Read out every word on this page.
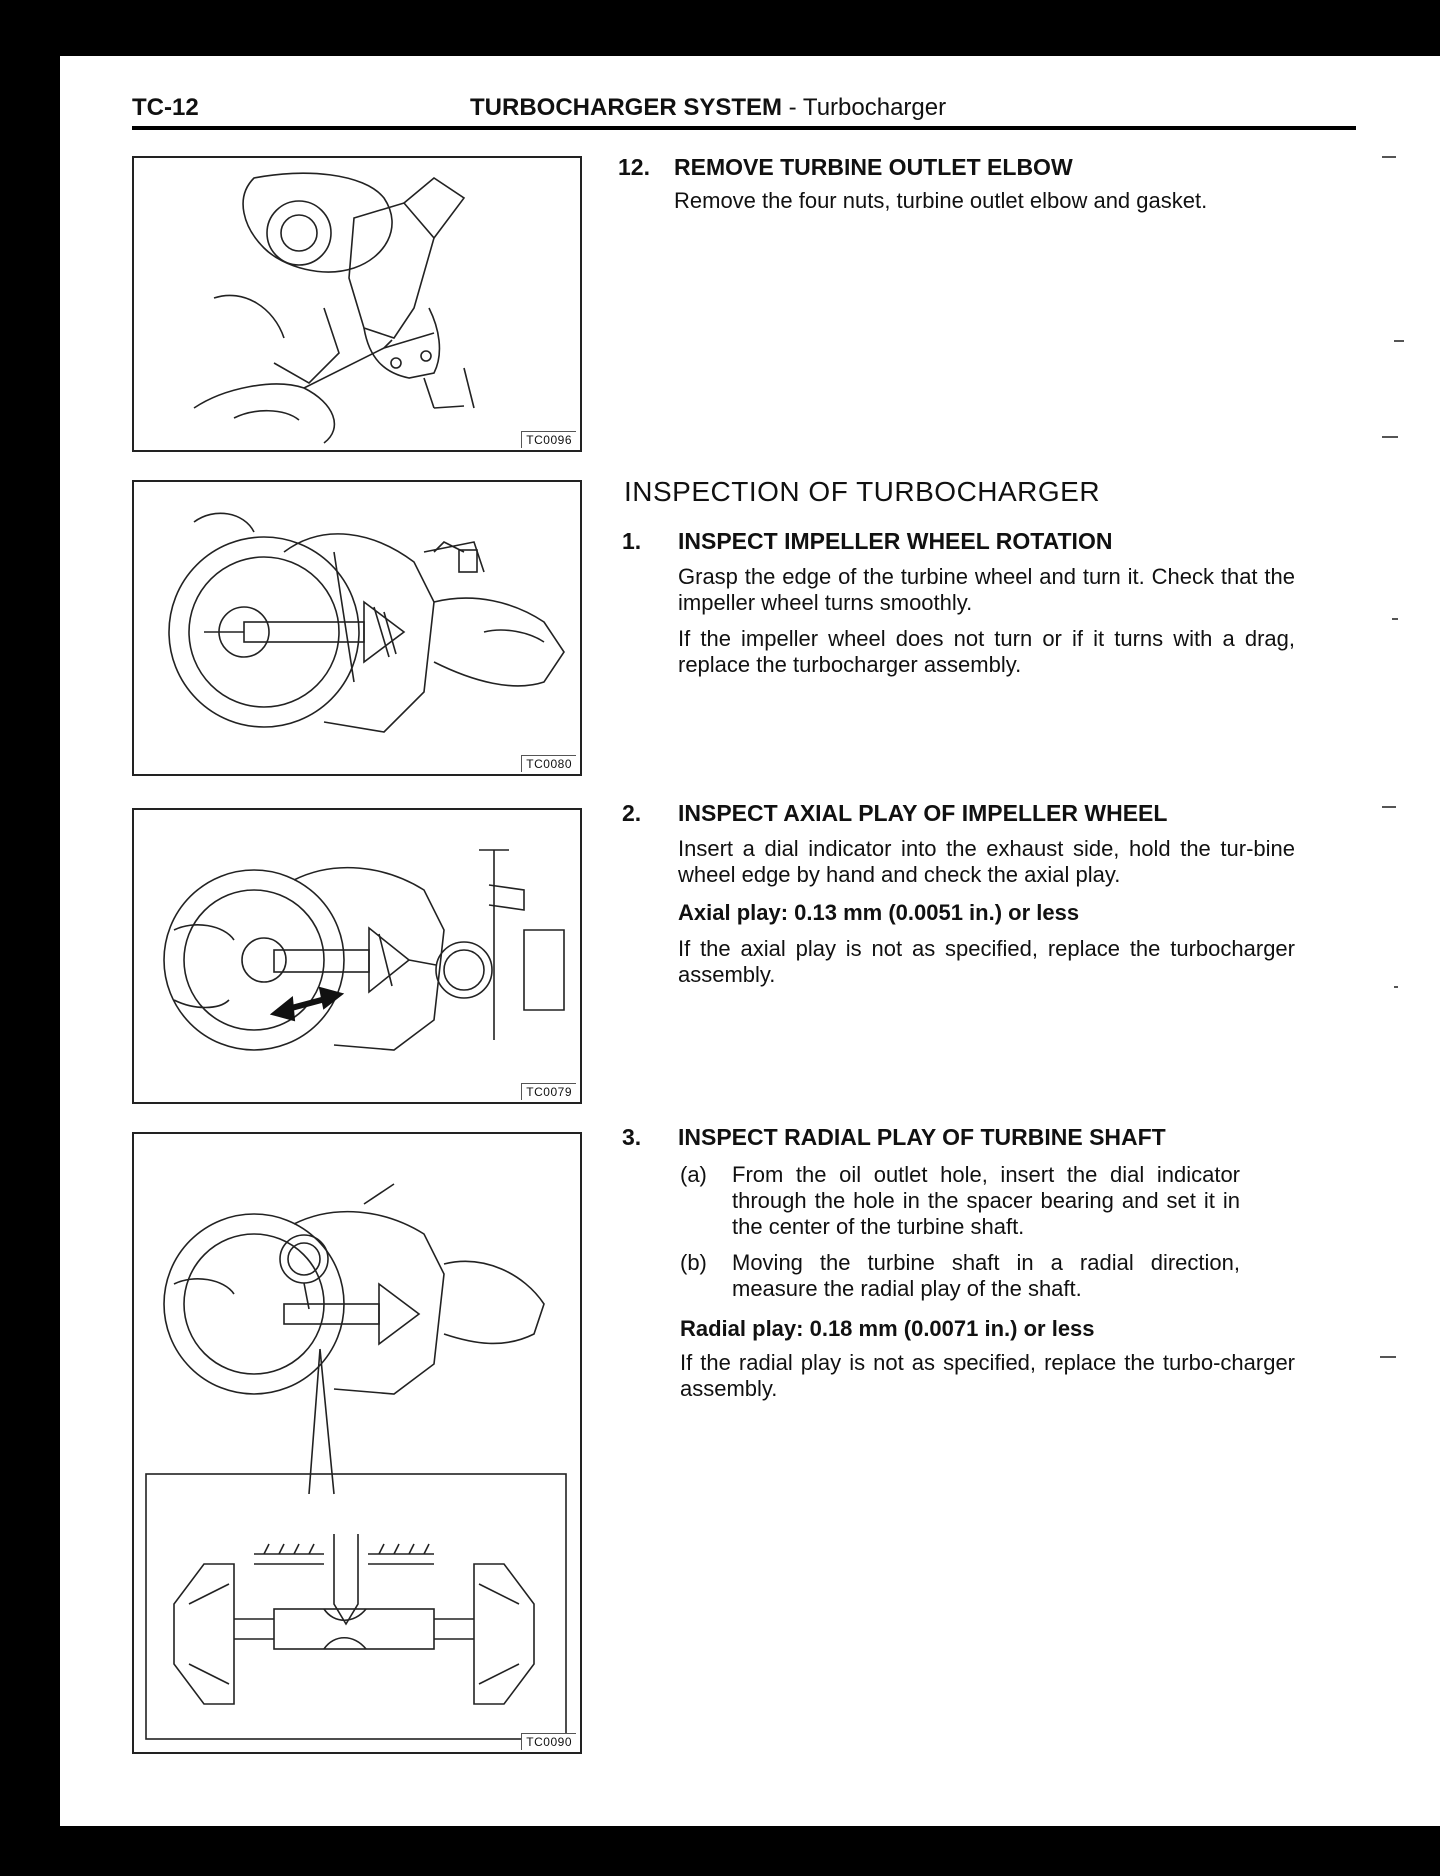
TC-12	TURBOCHARGER SYSTEM - Turbocharger
TC0096
TC0080
TC0079
TC0090
12.	REMOVE TURBINE OUTLET ELBOW
Remove the four nuts, turbine outlet elbow and gasket.
INSPECTION OF TURBOCHARGER
1.	INSPECT IMPELLER WHEEL ROTATION
Grasp the edge of the turbine wheel and turn it. Check that the impeller wheel turns smoothly.
If the impeller wheel does not turn or if it turns with a drag, replace the turbocharger assembly.
2.	INSPECT AXIAL PLAY OF IMPELLER WHEEL
Insert a dial indicator into the exhaust side, hold the tur-bine wheel edge by hand and check the axial play.
Axial play: 0.13 mm (0.0051 in.) or less
If the axial play is not as specified, replace the turbocharger assembly.
3.	INSPECT RADIAL PLAY OF TURBINE SHAFT
(a) From the oil outlet hole, insert the dial indicator through the hole in the spacer bearing and set it in the center of the turbine shaft.
(b) Moving the turbine shaft in a radial direction, measure the radial play of the shaft.
Radial play: 0.18 mm (0.0071 in.) or less
If the radial play is not as specified, replace the turbo-charger assembly.
